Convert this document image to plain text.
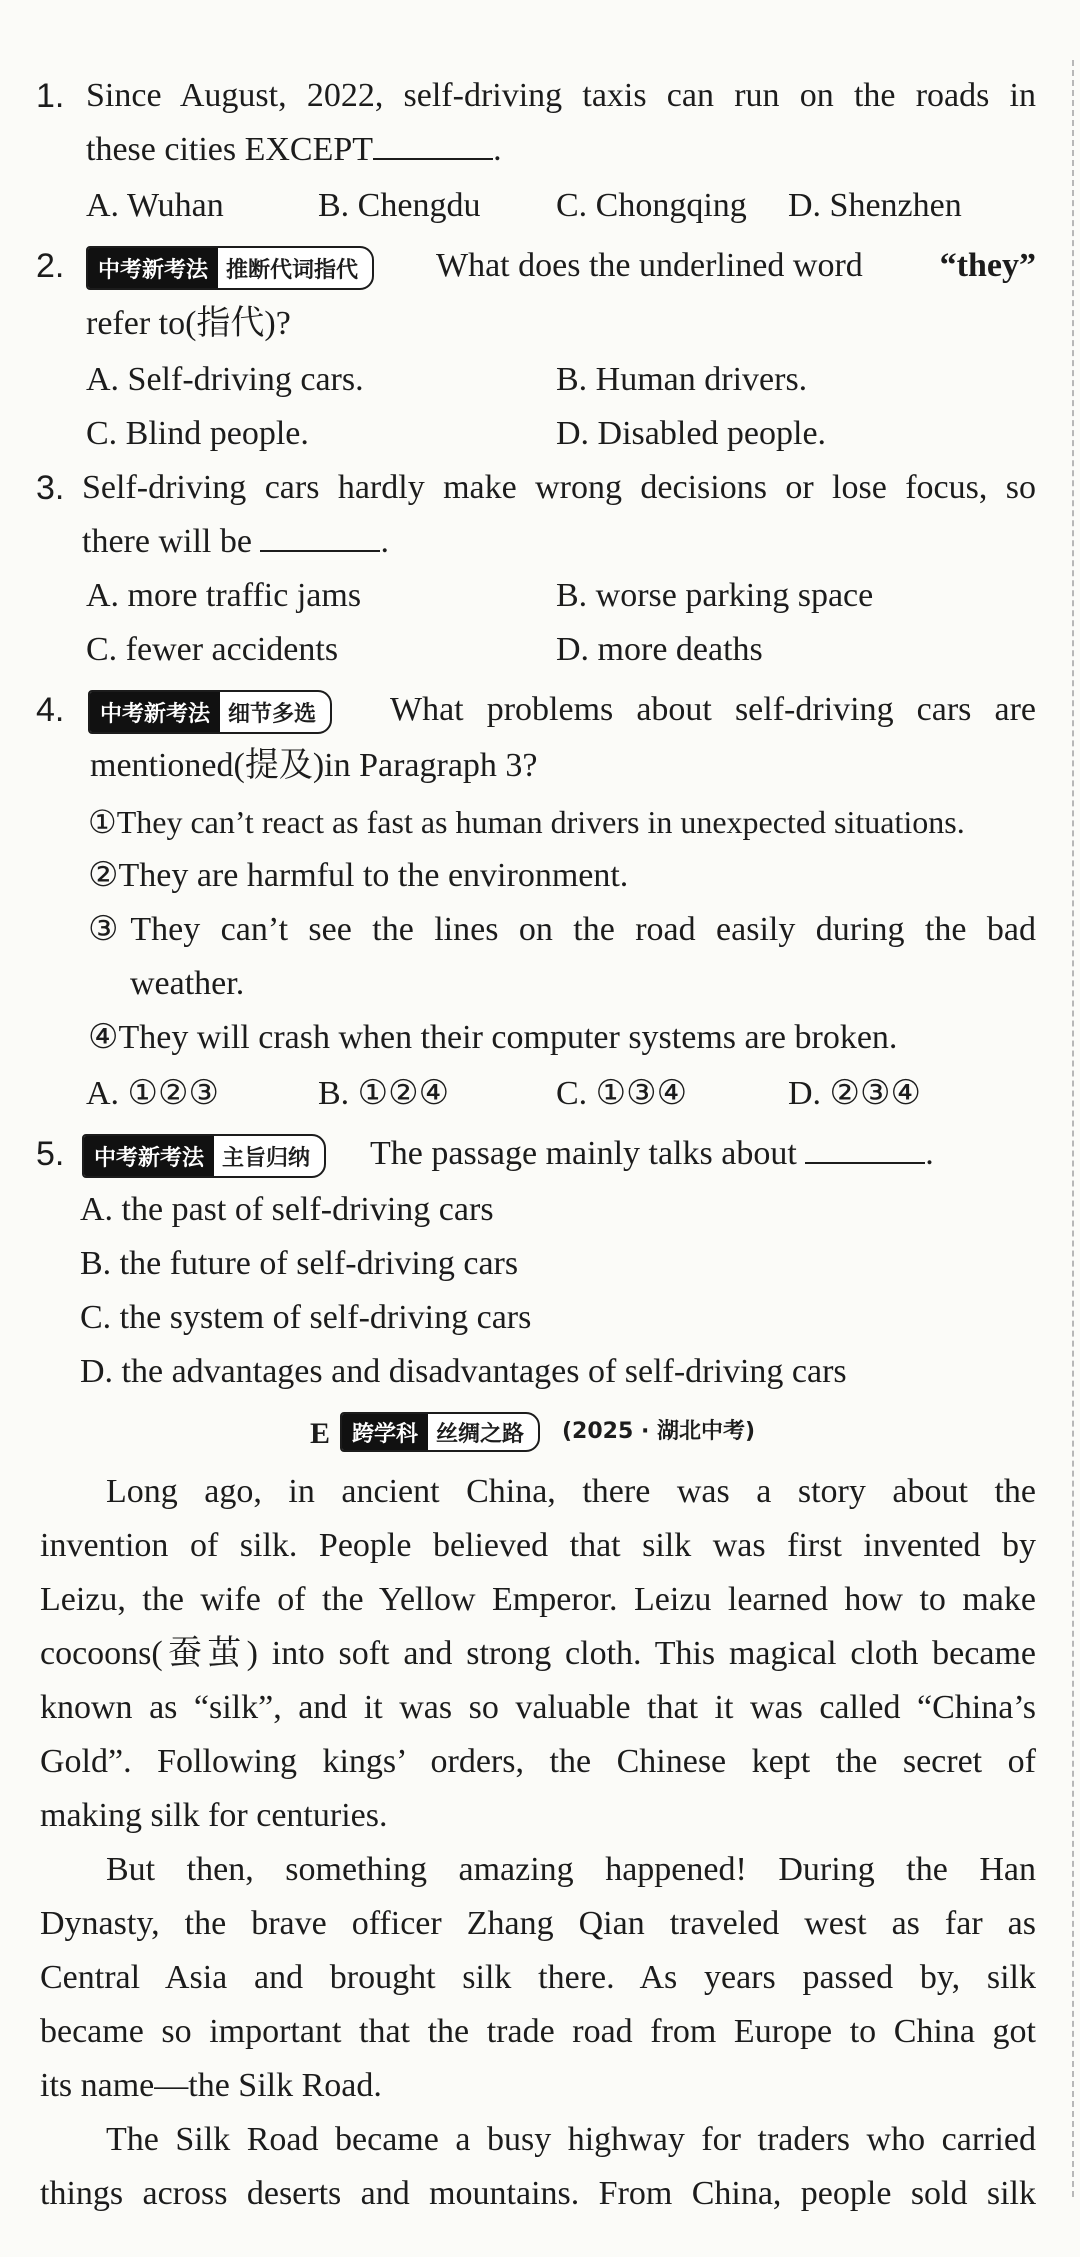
1. Since August, 2022, self-driving taxis can run on the roads in
these cities EXCEPT	.
A. Wuhan	B. Chengdu C. Chongqing D. Shenzhen
2.	中考新考法 推断代词指代	What does the underlined word “they”
refer to(指代)?
A. Self-driving cars.	B. Human drivers.
C. Blind people.	D. Disabled people.
3. Self-driving cars hardly make wrong decisions or lose focus, so
there will be	.
A. more traffic jams	B. worse parking space
C. fewer accidents	D. more deaths
4.	中考新考法 细节多选	What problems about self-driving cars are
mentioned(提及)in Paragraph 3?
①They can’t react as fast as human drivers in unexpected situations.
②They are harmful to the environment.
③They can’t see the lines on the road easily during the bad
weather.
④They will crash when their computer systems are broken.
A. ①②③	B. ①②④	C. ①③④	D. ②③④
5.	中考新考法 主旨归纳	The passage mainly talks about	.
A. the past of self-driving cars
B. the future of self-driving cars
C. the system of self-driving cars
D. the advantages and disadvantages of self-driving cars
E 跨学科 丝绸之路	(2025 · 湖北中考)
Long ago, in ancient China, there was a story about the
invention of silk. People believed that silk was first invented by
Leizu, the wife of the Yellow Emperor. Leizu learned how to make
cocoons(蚕茧) into soft and strong cloth. This magical cloth became
known as “silk”, and it was so valuable that it was called “China’s
Gold”. Following kings’ orders, the Chinese kept the secret of
making silk for centuries.
But then, something amazing happened! During the Han
Dynasty, the brave officer Zhang Qian traveled west as far as
Central Asia and brought silk there. As years passed by, silk
became so important that the trade road from Europe to China got
its name—the Silk Road.
The Silk Road became a busy highway for traders who carried
things across deserts and mountains. From China, people sold silk
